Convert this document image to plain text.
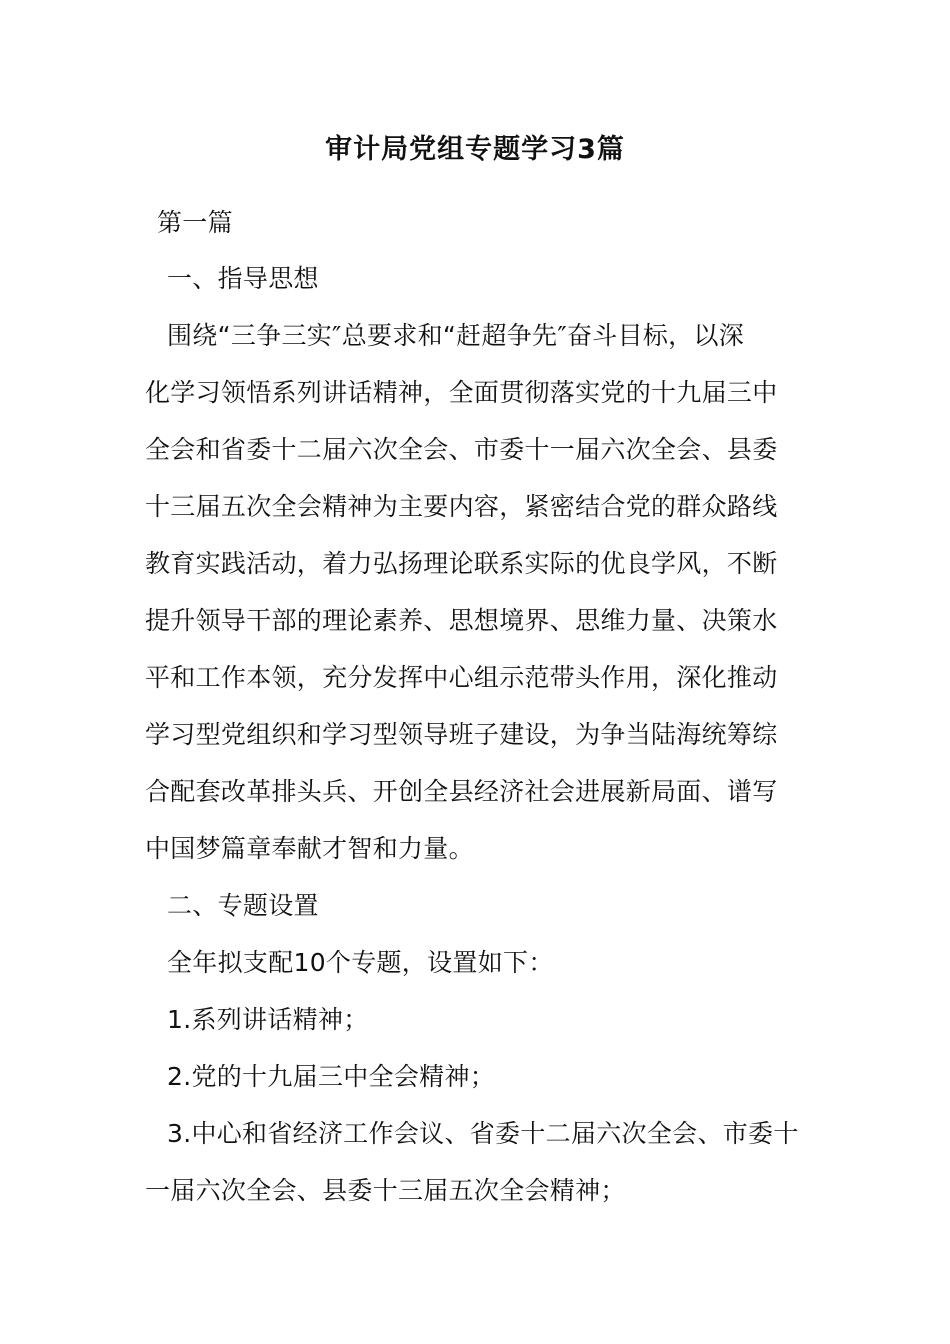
审计局党组专题学习3篇
第一篇
一、指导思想
围绕“三争三实″总要求和“赶超争先″奋斗目标，以深
化学习领悟系列讲话精神，全面贯彻落实党的十九届三中
全会和省委十二届六次全会、市委十一届六次全会、县委
十三届五次全会精神为主要内容，紧密结合党的群众路线
教育实践活动，着力弘扬理论联系实际的优良学风，不断
提升领导干部的理论素养、思想境界、思维力量、决策水
平和工作本领，充分发挥中心组示范带头作用，深化推动
学习型党组织和学习型领导班子建设，为争当陆海统筹综
合配套改革排头兵、开创全县经济社会进展新局面、谱写
中国梦篇章奉献才智和力量。
二、专题设置
全年拟支配10个专题，设置如下：
1.系列讲话精神；
2.党的十九届三中全会精神；
3.中心和省经济工作会议、省委十二届六次全会、市委十
一届六次全会、县委十三届五次全会精神；
